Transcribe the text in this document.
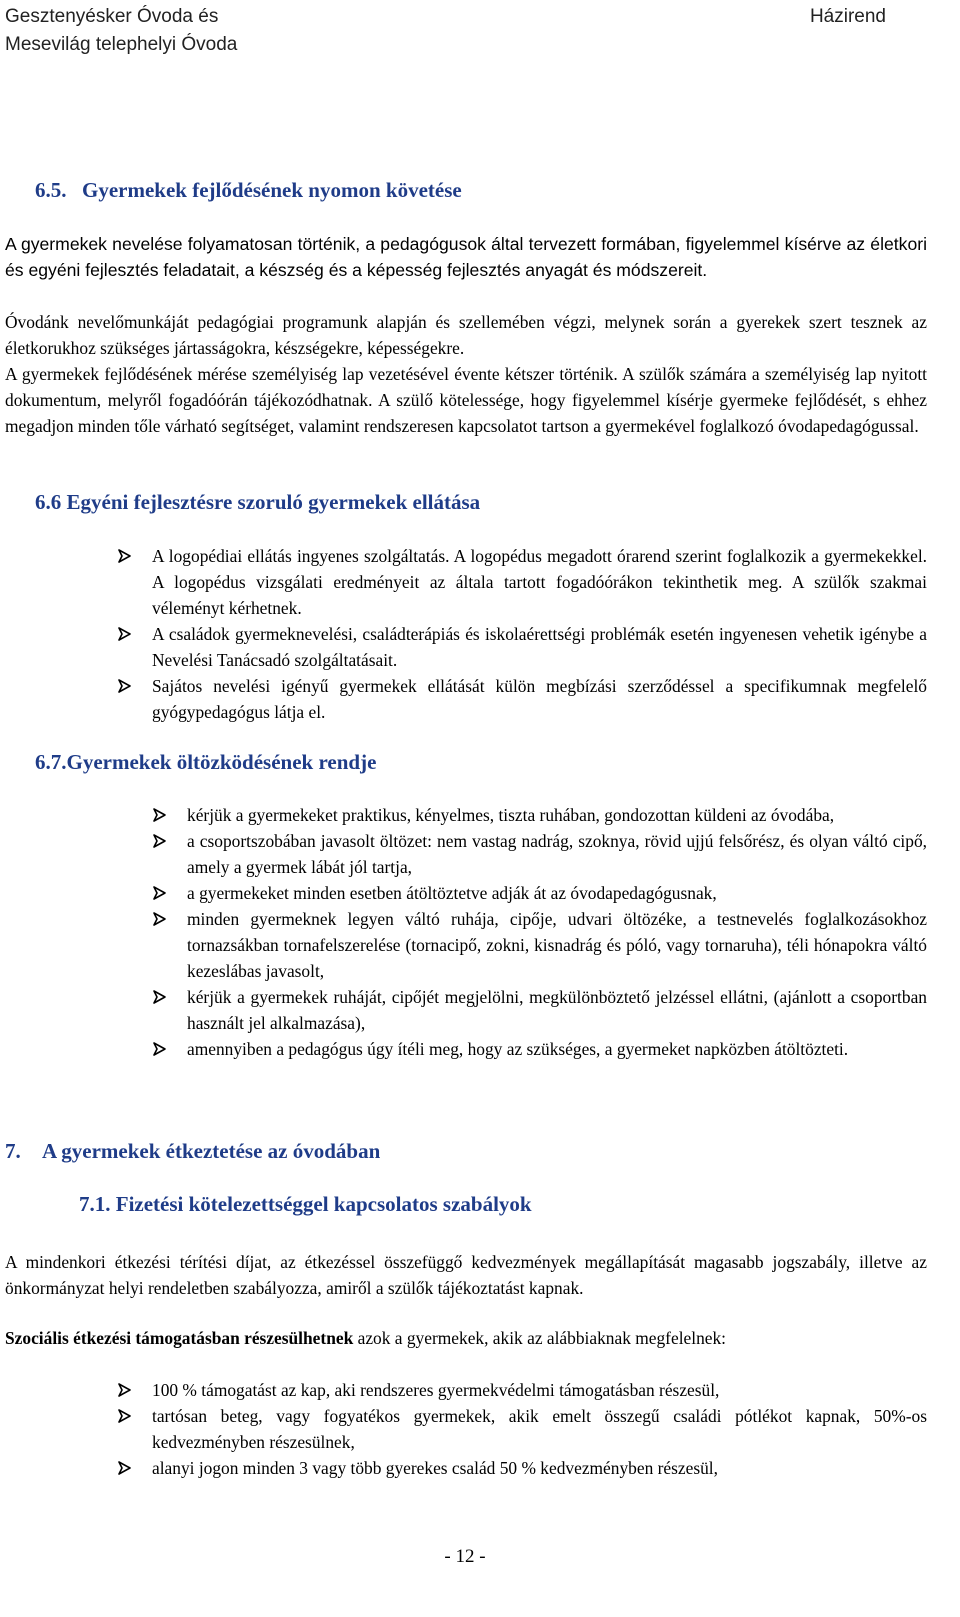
Gesztenyésker Óvoda és
Mesevilág telephelyi Óvoda
Házirend
6.5. Gyermekek fejlődésének nyomon követése
A gyermekek nevelése folyamatosan történik, a pedagógusok által tervezett formában, figyelemmel kísérve az életkori és egyéni fejlesztés feladatait, a készség és a képesség fejlesztés anyagát és módszereit.
Óvodánk nevelőmunkáját pedagógiai programunk alapján és szellemében végzi, melynek során a gyerekek szert tesznek az életkorukhoz szükséges jártasságokra, készségekre, képességekre.
A gyermekek fejlődésének mérése személyiség lap vezetésével évente kétszer történik. A szülők számára a személyiség lap nyitott dokumentum, melyről fogadóórán tájékozódhatnak. A szülő kötelessége, hogy figyelemmel kísérje gyermeke fejlődését, s ehhez megadjon minden tőle várható segítséget, valamint rendszeresen kapcsolatot tartson a gyermekével foglalkozó óvodapedagógussal.
6.6 Egyéni fejlesztésre szoruló gyermekek ellátása
A logopédiai ellátás ingyenes szolgáltatás. A logopédus megadott órarend szerint foglalkozik a gyermekekkel. A logopédus vizsgálati eredményeit az általa tartott fogadóórákon tekinthetik meg. A szülők szakmai véleményt kérhetnek.
A családok gyermeknevelési, családterápiás és iskolaérettségi problémák esetén ingyenesen vehetik igénybe a Nevelési Tanácsadó szolgáltatásait.
Sajátos nevelési igényű gyermekek ellátását külön megbízási szerződéssel a specifikumnak megfelelő gyógypedagógus látja el.
6.7.Gyermekek öltözködésének rendje
kérjük a gyermekeket praktikus, kényelmes, tiszta ruhában, gondozottan küldeni az óvodába,
a csoportszobában javasolt öltözet: nem vastag nadrág, szoknya, rövid ujjú felsőrész, és olyan váltó cipő, amely a gyermek lábát jól tartja,
a gyermekeket minden esetben átöltöztetve adják át az óvodapedagógusnak,
minden gyermeknek legyen váltó ruhája, cipője, udvari öltözéke, a testnevelés foglalkozásokhoz tornazsákban tornafelszerelése (tornacipő, zokni, kisnadrág és póló, vagy tornaruha), téli hónapokra váltó kezeslábas javasolt,
kérjük a gyermekek ruháját, cipőjét megjelölni, megkülönböztető jelzéssel ellátni, (ajánlott a csoportban használt jel alkalmazása),
amennyiben a pedagógus úgy ítéli meg, hogy az szükséges, a gyermeket napközben átöltözteti.
7. A gyermekek étkeztetése az óvodában
7.1. Fizetési kötelezettséggel kapcsolatos szabályok
A mindenkori étkezési térítési díjat, az étkezéssel összefüggő kedvezmények megállapítását magasabb jogszabály, illetve az önkormányzat helyi rendeletben szabályozza, amiről a szülők tájékoztatást kapnak.
Szociális étkezési támogatásban részesülhetnek azok a gyermekek, akik az alábbiaknak megfelelnek:
100 % támogatást az kap, aki rendszeres gyermekvédelmi támogatásban részesül,
tartósan beteg, vagy fogyatékos gyermekek, akik emelt összegű családi pótlékot kapnak, 50%-os kedvezményben részesülnek,
alanyi jogon minden 3 vagy több gyerekes család 50 % kedvezményben részesül,
- 12 -
